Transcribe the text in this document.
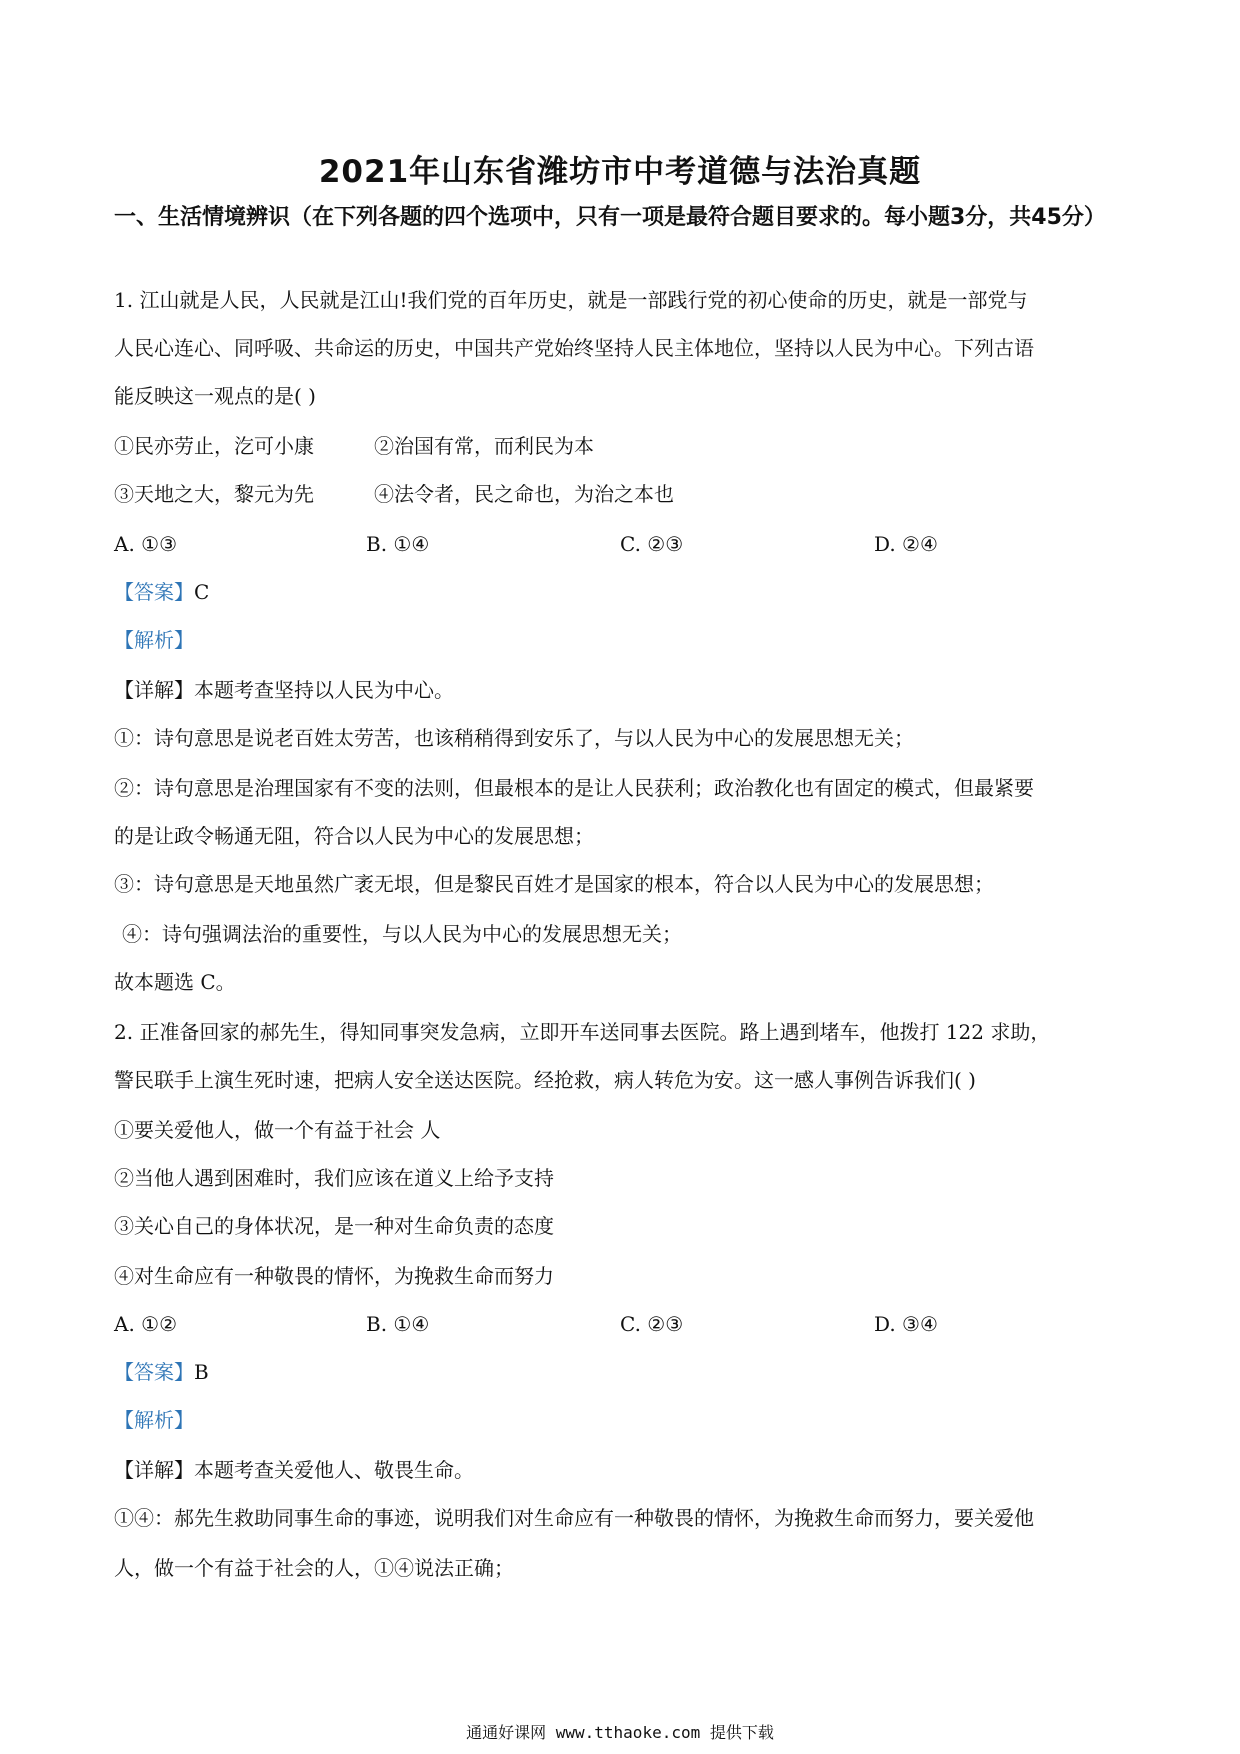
2021年山东省潍坊市中考道德与法治真题
一、生活情境辨识（在下列各题的四个选项中，只有一项是最符合题目要求的。每小题3分，共45分）
1. 江山就是人民，人民就是江山!我们党的百年历史，就是一部践行党的初心使命的历史，就是一部党与
人民心连心、同呼吸、共命运的历史，中国共产党始终坚持人民主体地位，坚持以人民为中心。下列古语
能反映这一观点的是( )
①民亦劳止，汔可小康	②治国有常，而利民为本
③天地之大，黎元为先	④法令者，民之命也，为治之本也
A. ①③	B. ①④	C. ②③	D. ②④
【答案】C
【解析】
【详解】本题考查坚持以人民为中心。
①：诗句意思是说老百姓太劳苦，也该稍稍得到安乐了，与以人民为中心的发展思想无关；
②：诗句意思是治理国家有不变的法则，但最根本的是让人民获利；政治教化也有固定的模式，但最紧要
的是让政令畅通无阻，符合以人民为中心的发展思想；
③：诗句意思是天地虽然广袤无垠，但是黎民百姓才是国家的根本，符合以人民为中心的发展思想；
④：诗句强调法治的重要性，与以人民为中心的发展思想无关；
故本题选 C。
2. 正准备回家的郝先生，得知同事突发急病，立即开车送同事去医院。路上遇到堵车，他拨打 122 求助，
警民联手上演生死时速，把病人安全送达医院。经抢救，病人转危为安。这一感人事例告诉我们( )
①要关爱他人，做一个有益于社会 人
②当他人遇到困难时，我们应该在道义上给予支持
③关心自己的身体状况，是一种对生命负责的态度
④对生命应有一种敬畏的情怀，为挽救生命而努力
A. ①②	B. ①④	C. ②③	D. ③④
【答案】B
【解析】
【详解】本题考查关爱他人、敬畏生命。
①④：郝先生救助同事生命的事迹，说明我们对生命应有一种敬畏的情怀，为挽救生命而努力，要关爱他
人，做一个有益于社会的人，①④说法正确；
通通好课网 www.tthaoke.com 提供下载
